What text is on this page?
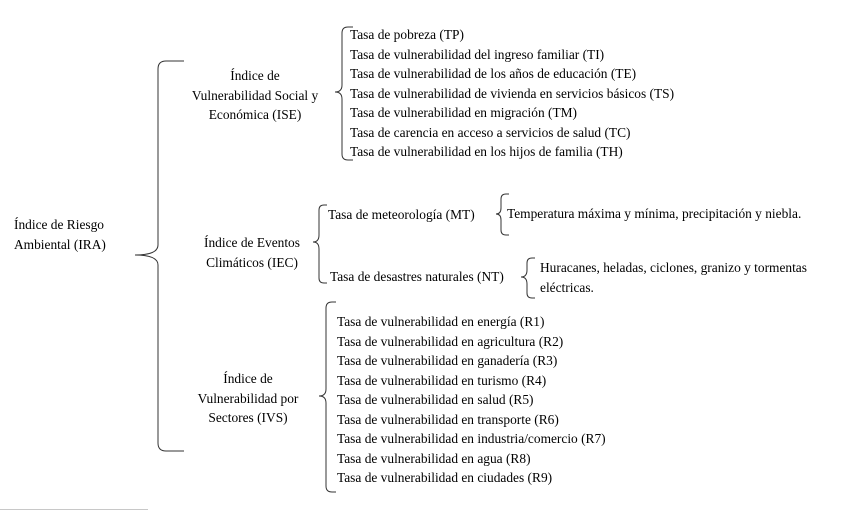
Índice de Riesgo
Ambiental (IRA)
Índice de
Vulnerabilidad Social y
Económica (ISE)
Tasa de pobreza (TP)
Tasa de vulnerabilidad del ingreso familiar (TI)
Tasa de vulnerabilidad de los años de educación (TE)
Tasa de vulnerabilidad de vivienda en servicios básicos (TS)
Tasa de vulnerabilidad en migración (TM)
Tasa de carencia en acceso a servicios de salud (TC)
Tasa de vulnerabilidad en los hijos de familia (TH)
Índice de Eventos
Climáticos (IEC)
Tasa de meteorología (MT) Temperatura máxima y mínima, precipitación y niebla.
Tasa de desastres naturales (NT)
Huracanes, heladas, ciclones, granizo y tormentas
eléctricas.
Índice de
Vulnerabilidad por
Sectores (IVS)
Tasa de vulnerabilidad en energía (R1)
Tasa de vulnerabilidad en agricultura (R2)
Tasa de vulnerabilidad en ganadería (R3)
Tasa de vulnerabilidad en turismo (R4)
Tasa de vulnerabilidad en salud (R5)
Tasa de vulnerabilidad en transporte (R6)
Tasa de vulnerabilidad en industria/comercio (R7)
Tasa de vulnerabilidad en agua (R8)
Tasa de vulnerabilidad en ciudades (R9)
